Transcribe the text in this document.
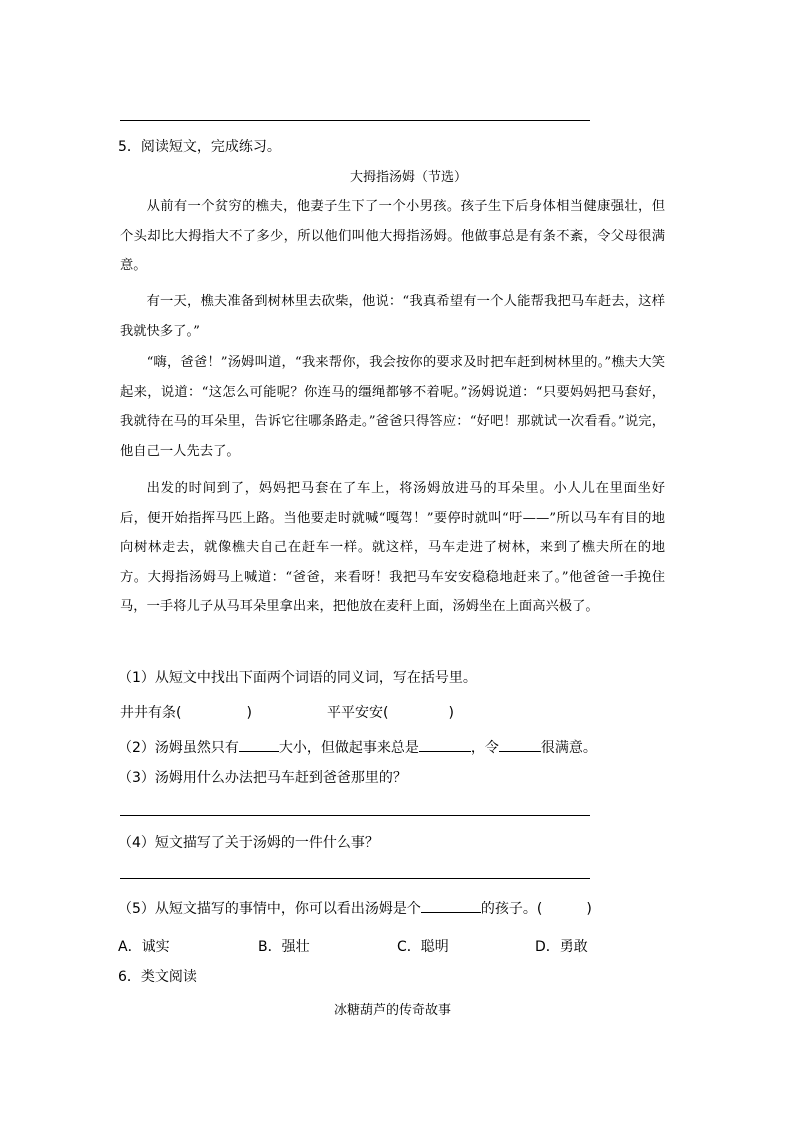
5．阅读短文，完成练习。
大拇指汤姆（节选）
从前有一个贫穷的樵夫，他妻子生下了一个小男孩。孩子生下后身体相当健康强壮，但个头却比大拇指大不了多少，所以他们叫他大拇指汤姆。他做事总是有条不紊，令父母很满意。
有一天，樵夫准备到树林里去砍柴，他说：“我真希望有一个人能帮我把马车赶去，这样我就快多了。”
“嗨，爸爸！”汤姆叫道，“我来帮你，我会按你的要求及时把车赶到树林里的。”樵夫大笑起来，说道：“这怎么可能呢？你连马的缰绳都够不着呢。”汤姆说道：“只要妈妈把马套好，我就待在马的耳朵里，告诉它往哪条路走。”爸爸只得答应：“好吧！那就试一次看看。”说完，他自己一人先去了。
出发的时间到了，妈妈把马套在了车上，将汤姆放进马的耳朵里。小人儿在里面坐好后，便开始指挥马匹上路。当他要走时就喊“嘎驾！”要停时就叫“吁——”所以马车有目的地向树林走去，就像樵夫自己在赶车一样。就这样，马车走进了树林，来到了樵夫所在的地方。大拇指汤姆马上喊道：“爸爸，来看呀！我把马车安安稳稳地赶来了。”他爸爸一手挽住马，一手将儿子从马耳朵里拿出来，把他放在麦秆上面，汤姆坐在上面高兴极了。
（1）从短文中找出下面两个词语的同义词，写在括号里。
井井有条(	)	平平安安(	)
（2）汤姆虽然只有	大小，但做起事来总是	，令	很满意。
（3）汤姆用什么办法把马车赶到爸爸那里的？
（4）短文描写了关于汤姆的一件什么事？
（5）从短文描写的事情中，你可以看出汤姆是个	的孩子。(	)
A．诚实	B．强壮	C．聪明	D．勇敢
6．类文阅读
冰糖葫芦的传奇故事
